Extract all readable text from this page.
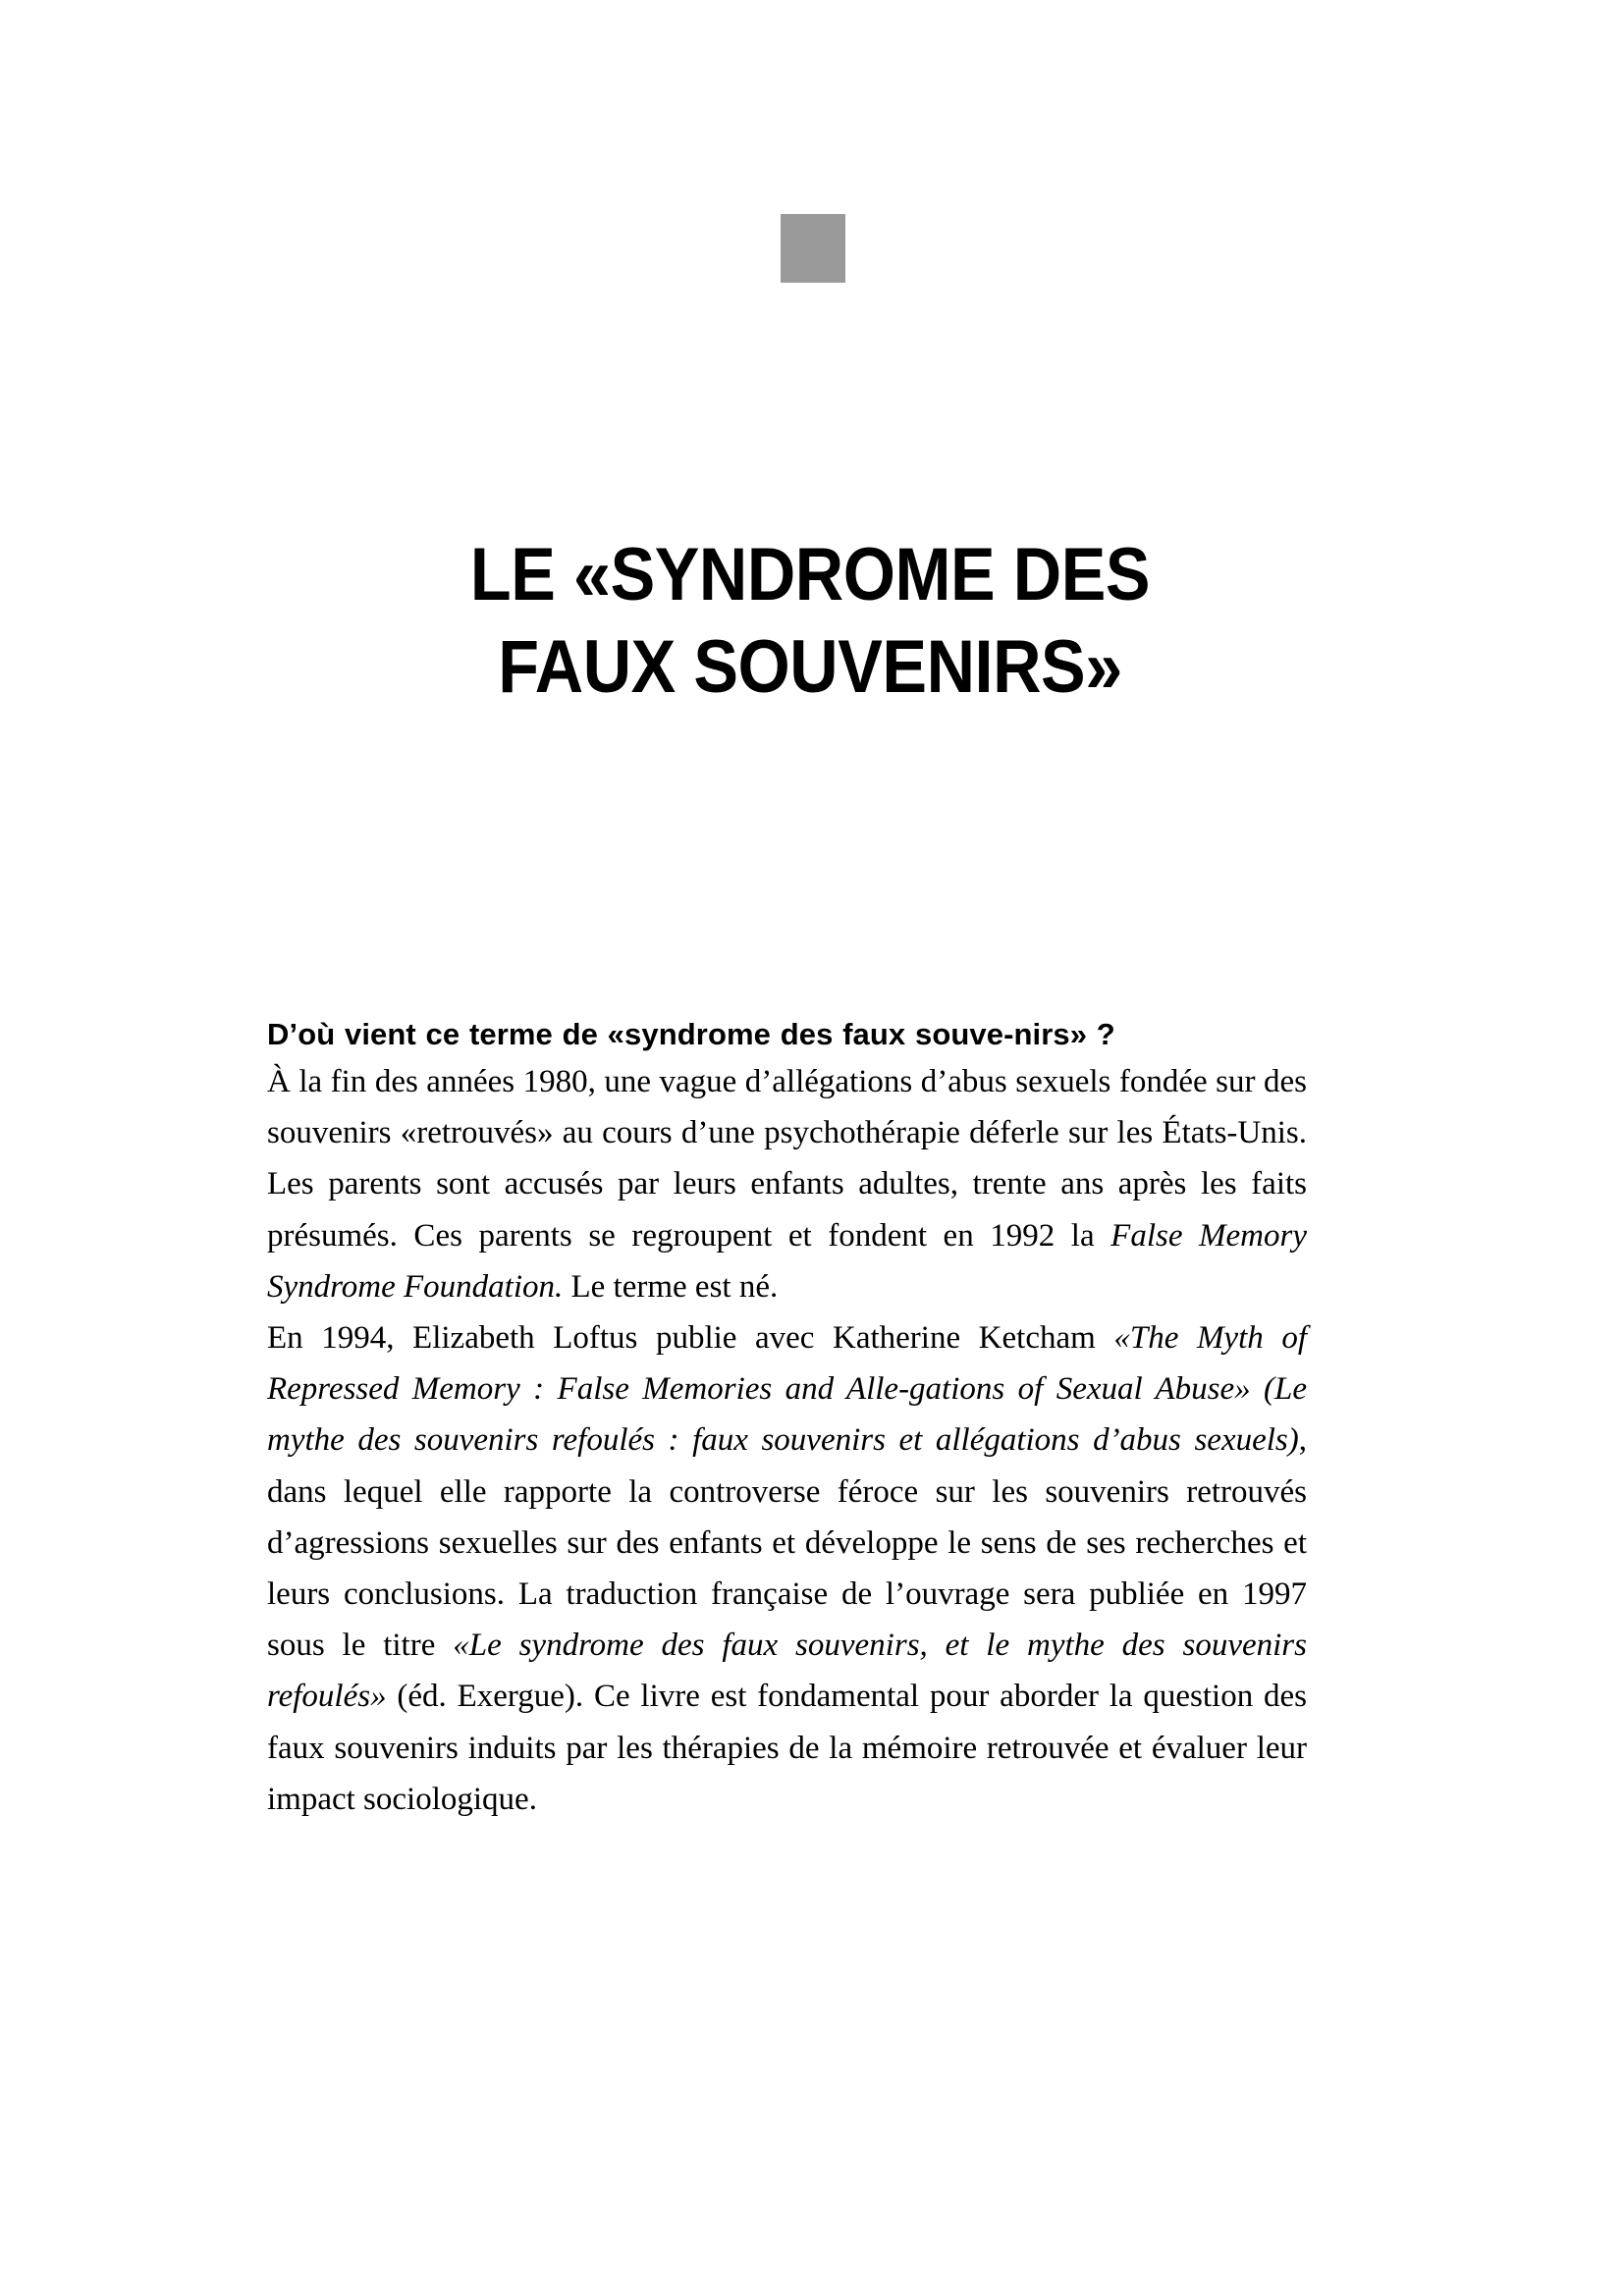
LE «SYNDROME DES
FAUX SOUVENIRS»

D’où vient ce terme de «syndrome des faux souve-nirs» ?

À la fin des années 1980, une vague d’allégations d’abus sexuels fondée sur des souvenirs «retrouvés» au cours d’une psychothérapie déferle sur les États-Unis. Les parents sont accusés par leurs enfants adultes, trente ans après les faits présumés. Ces parents se regroupent et fondent en 1992 la False Memory Syndrome Foundation. Le terme est né.

En 1994, Elizabeth Loftus publie avec Katherine Ketcham «The Myth of Repressed Memory : False Memories and Alle-gations of Sexual Abuse» (Le mythe des souvenirs refoulés : faux souvenirs et allégations d’abus sexuels), dans lequel elle rapporte la controverse féroce sur les souvenirs retrouvés d’agressions sexuelles sur des enfants et développe le sens de ses recherches et leurs conclusions. La traduction française de l’ouvrage sera publiée en 1997 sous le titre «Le syndrome des faux souvenirs, et le mythe des souvenirs refoulés» (éd. Exergue). Ce livre est fondamental pour aborder la question des faux souvenirs induits par les thérapies de la mémoire retrouvée et évaluer leur impact sociologique.
